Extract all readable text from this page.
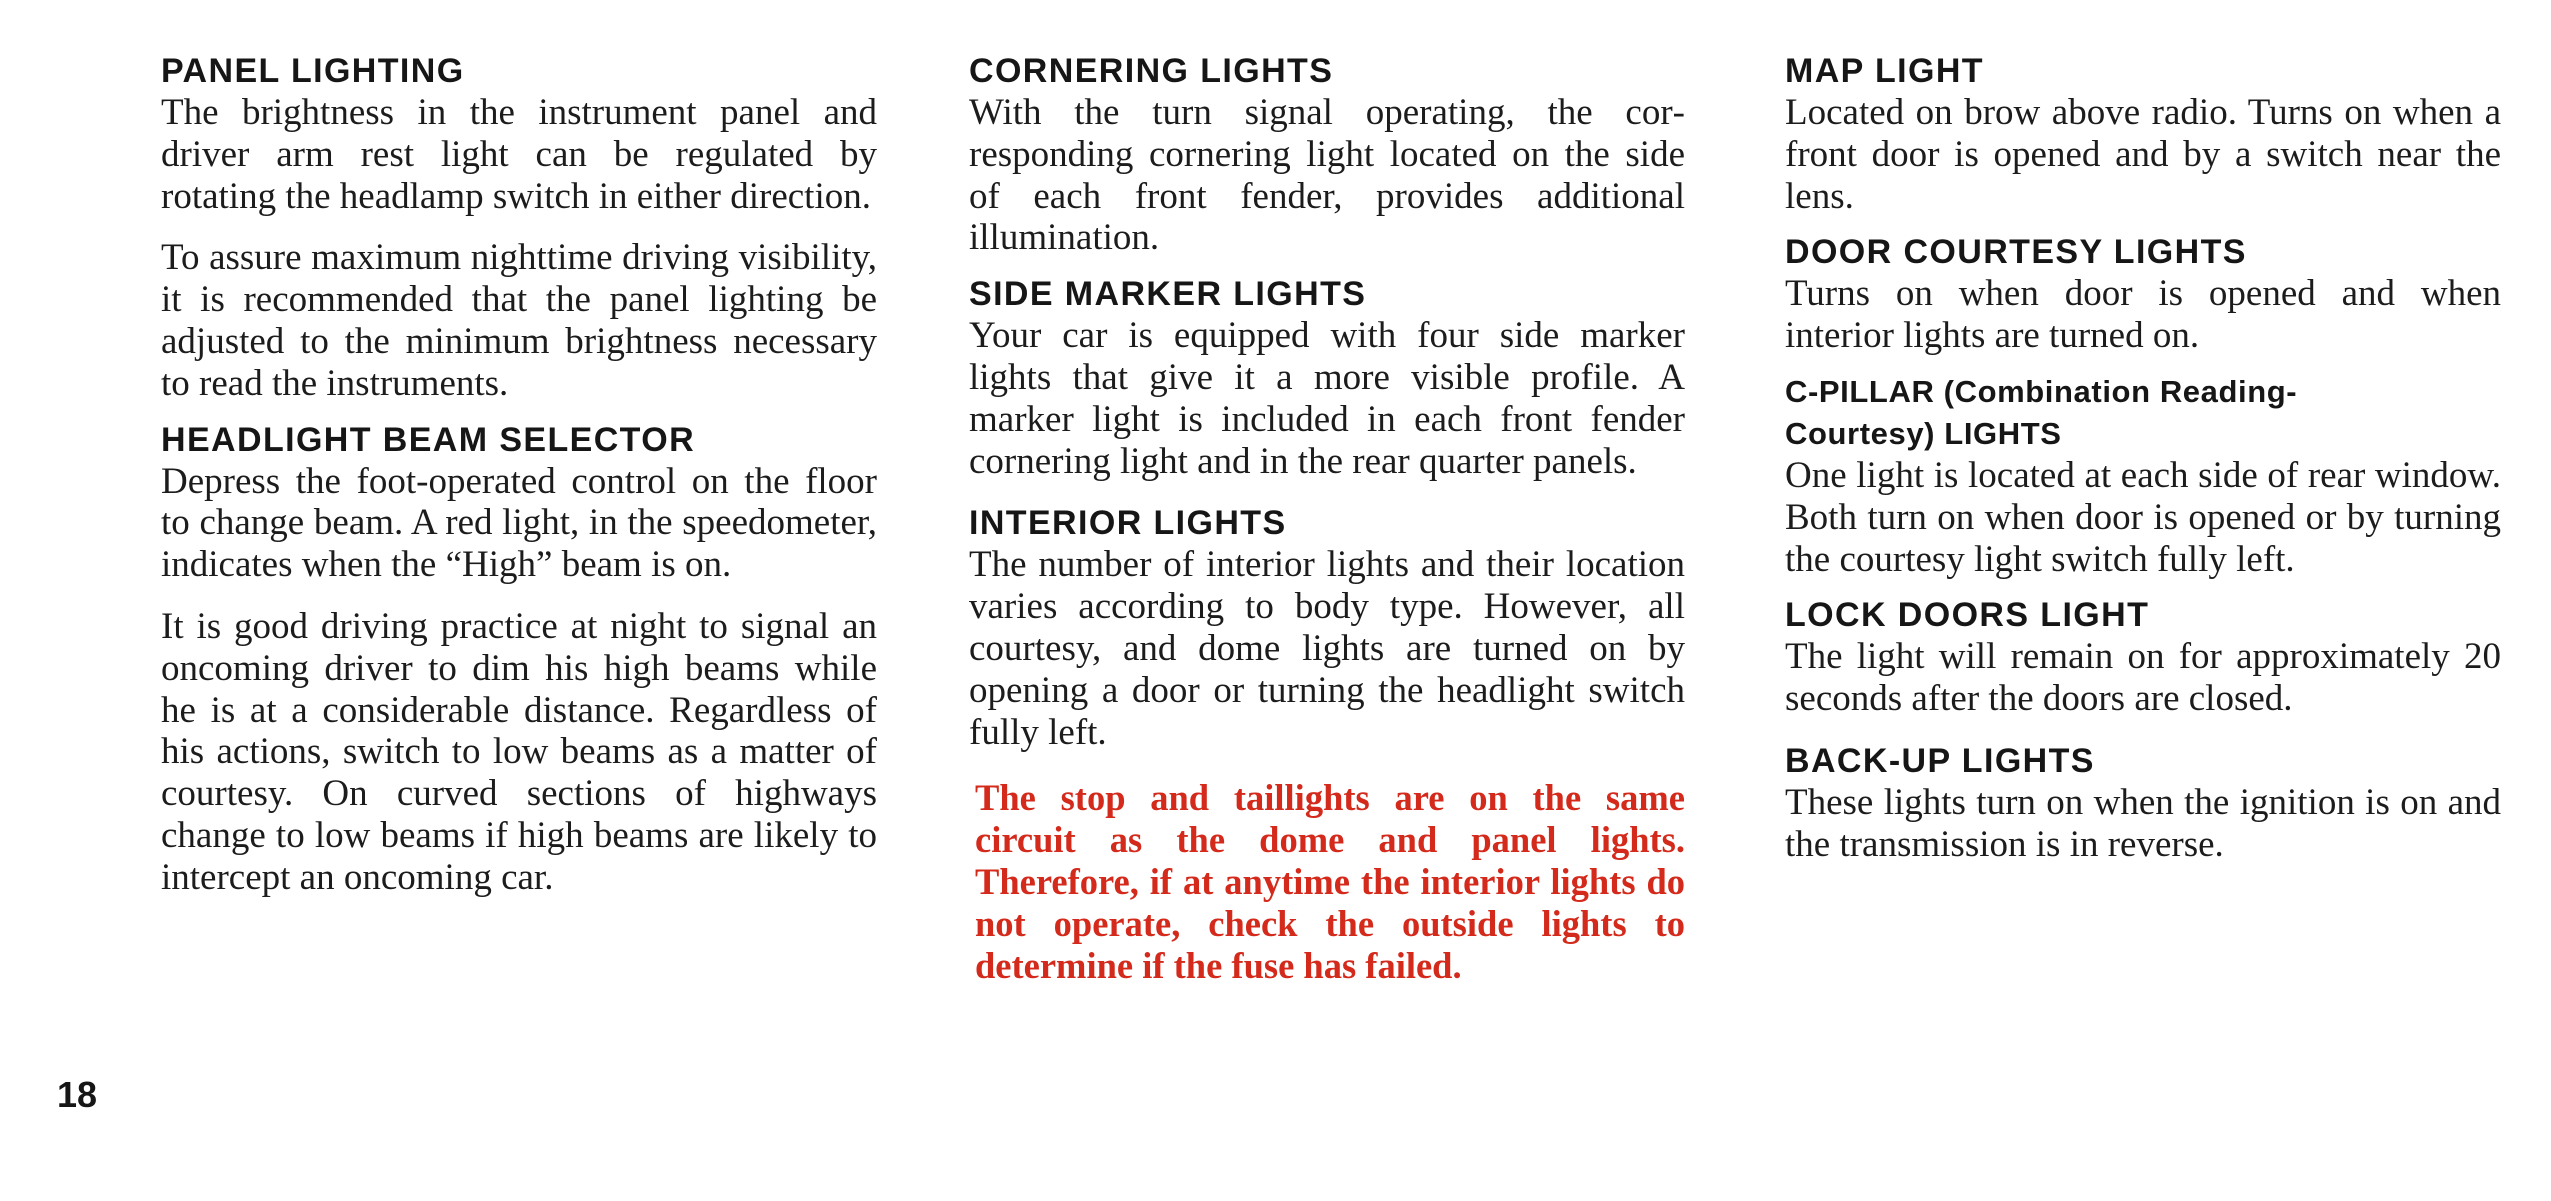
PANEL LIGHTING

The brightness in the instrument panel and driver arm rest light can be regulated by rotating the headlamp switch in either direction.

To assure maximum nighttime driving visibility, it is recommended that the panel lighting be adjusted to the minimum brightness necessary to read the instruments.

HEADLIGHT BEAM SELECTOR

Depress the foot-operated control on the floor to change beam. A red light, in the speedometer, indicates when the “High” beam is on.

It is good driving practice at night to signal an oncoming driver to dim his high beams while he is at a considerable distance. Regardless of his actions, switch to low beams as a matter of courtesy. On curved sections of highways change to low beams if high beams are likely to intercept an oncoming car.

CORNERING LIGHTS

With the turn signal operating, the corresponding cornering light located on the side of each front fender, provides additional illumination.

SIDE MARKER LIGHTS

Your car is equipped with four side marker lights that give it a more visible profile. A marker light is included in each front fender cornering light and in the rear quarter panels.

INTERIOR LIGHTS

The number of interior lights and their location varies according to body type. However, all courtesy, and dome lights are turned on by opening a door or turning the headlight switch fully left.

The stop and taillights are on the same circuit as the dome and panel lights. Therefore, if at anytime the interior lights do not operate, check the outside lights to determine if the fuse has failed.

MAP LIGHT

Located on brow above radio. Turns on when a front door is opened and by a switch near the lens.

DOOR COURTESY LIGHTS

Turns on when door is opened and when interior lights are turned on.

C-PILLAR (Combination Reading-Courtesy) LIGHTS

One light is located at each side of rear window. Both turn on when door is opened or by turning the courtesy light switch fully left.

LOCK DOORS LIGHT

The light will remain on for approximately 20 seconds after the doors are closed.

BACK-UP LIGHTS

These lights turn on when the ignition is on and the transmission is in reverse.

18
